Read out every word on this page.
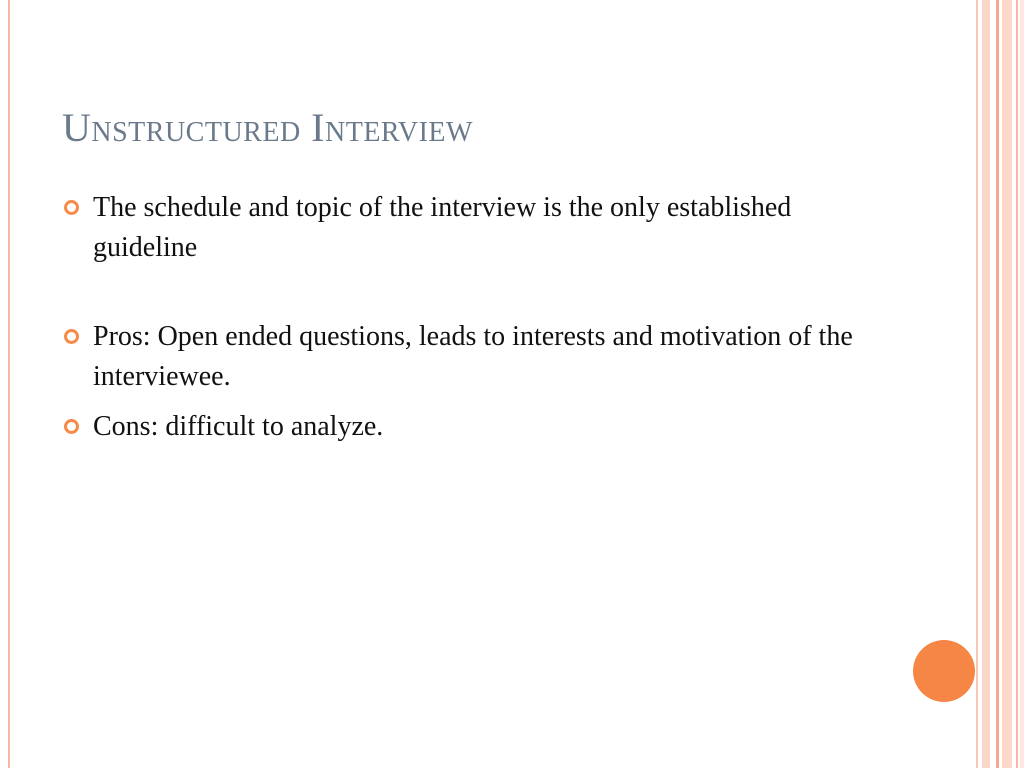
Unstructured Interview
The schedule and topic of the interview is the only established guideline
Pros: Open ended questions, leads to interests and motivation of the interviewee.
Cons: difficult to analyze.
